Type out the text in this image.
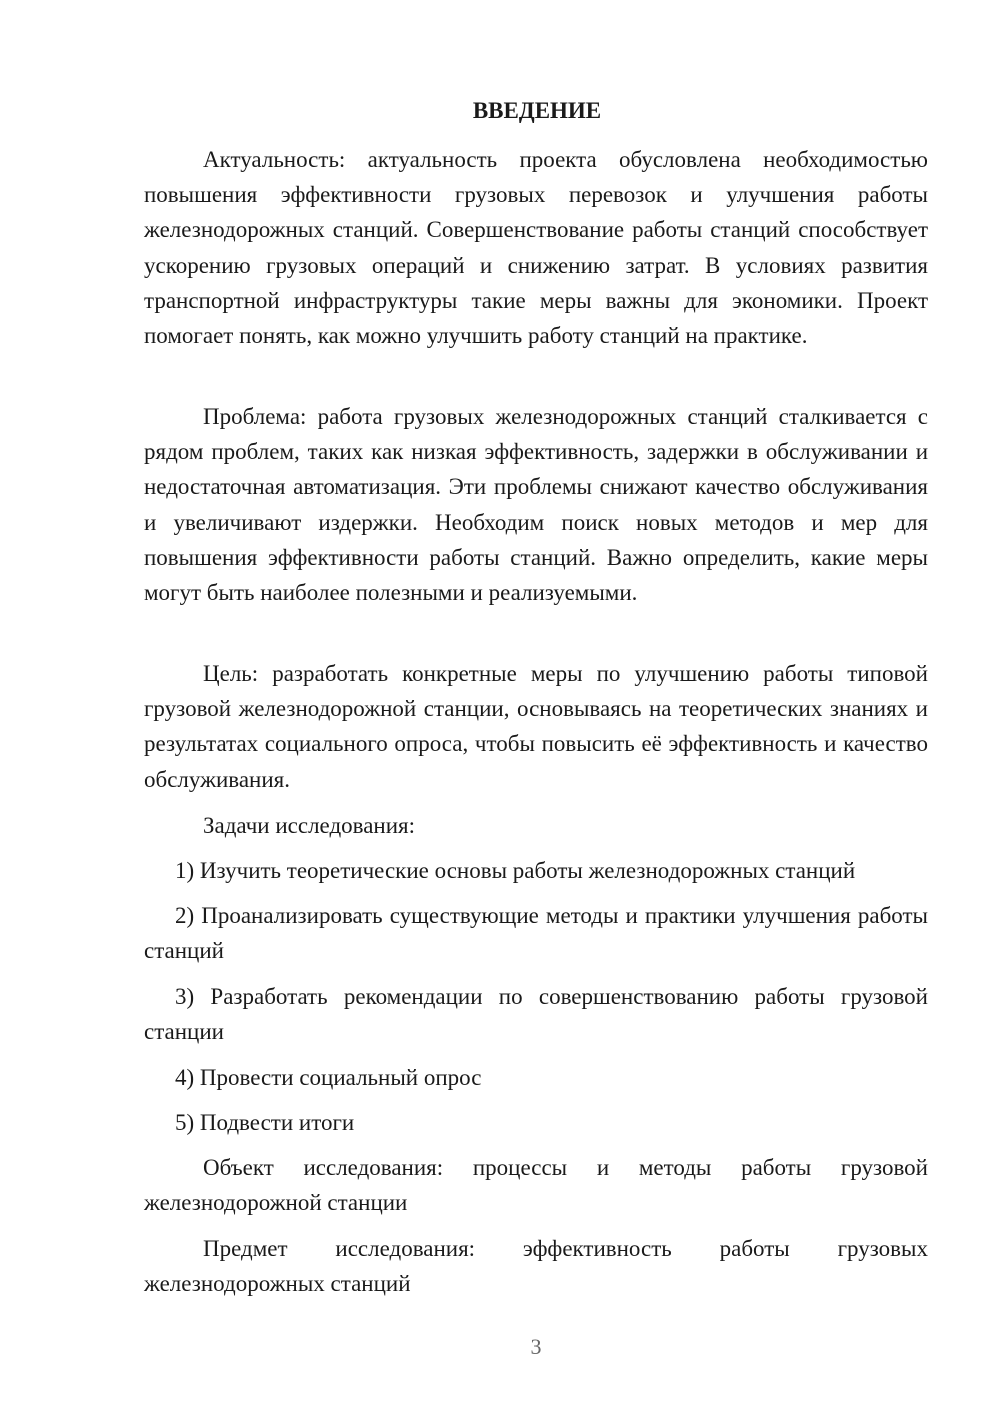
ВВЕДЕНИЕ

Актуальность: актуальность проекта обусловлена необходимостью повышения эффективности грузовых перевозок и улучшения работы железнодорожных станций. Совершенствование работы станций способствует ускорению грузовых операций и снижению затрат. В условиях развития транспортной инфраструктуры такие меры важны для экономики. Проект помогает понять, как можно улучшить работу станций на практике.

Проблема: работа грузовых железнодорожных станций сталкивается с рядом проблем, таких как низкая эффективность, задержки в обслуживании и недостаточная автоматизация. Эти проблемы снижают качество обслуживания и увеличивают издержки. Необходим поиск новых методов и мер для повышения эффективности работы станций. Важно определить, какие меры могут быть наиболее полезными и реализуемыми.

Цель: разработать конкретные меры по улучшению работы типовой грузовой железнодорожной станции, основываясь на теоретических знаниях и результатах социального опроса, чтобы повысить её эффективность и качество обслуживания.

Задачи исследования:

1) Изучить теоретические основы работы железнодорожных станций

2) Проанализировать существующие методы и практики улучшения работы станций

3) Разработать рекомендации по совершенствованию работы грузовой станции

4) Провести социальный опрос

5) Подвести итоги

Объект исследования: процессы и методы работы грузовой железнодорожной станции

Предмет исследования: эффективность работы грузовых железнодорожных станций

3
